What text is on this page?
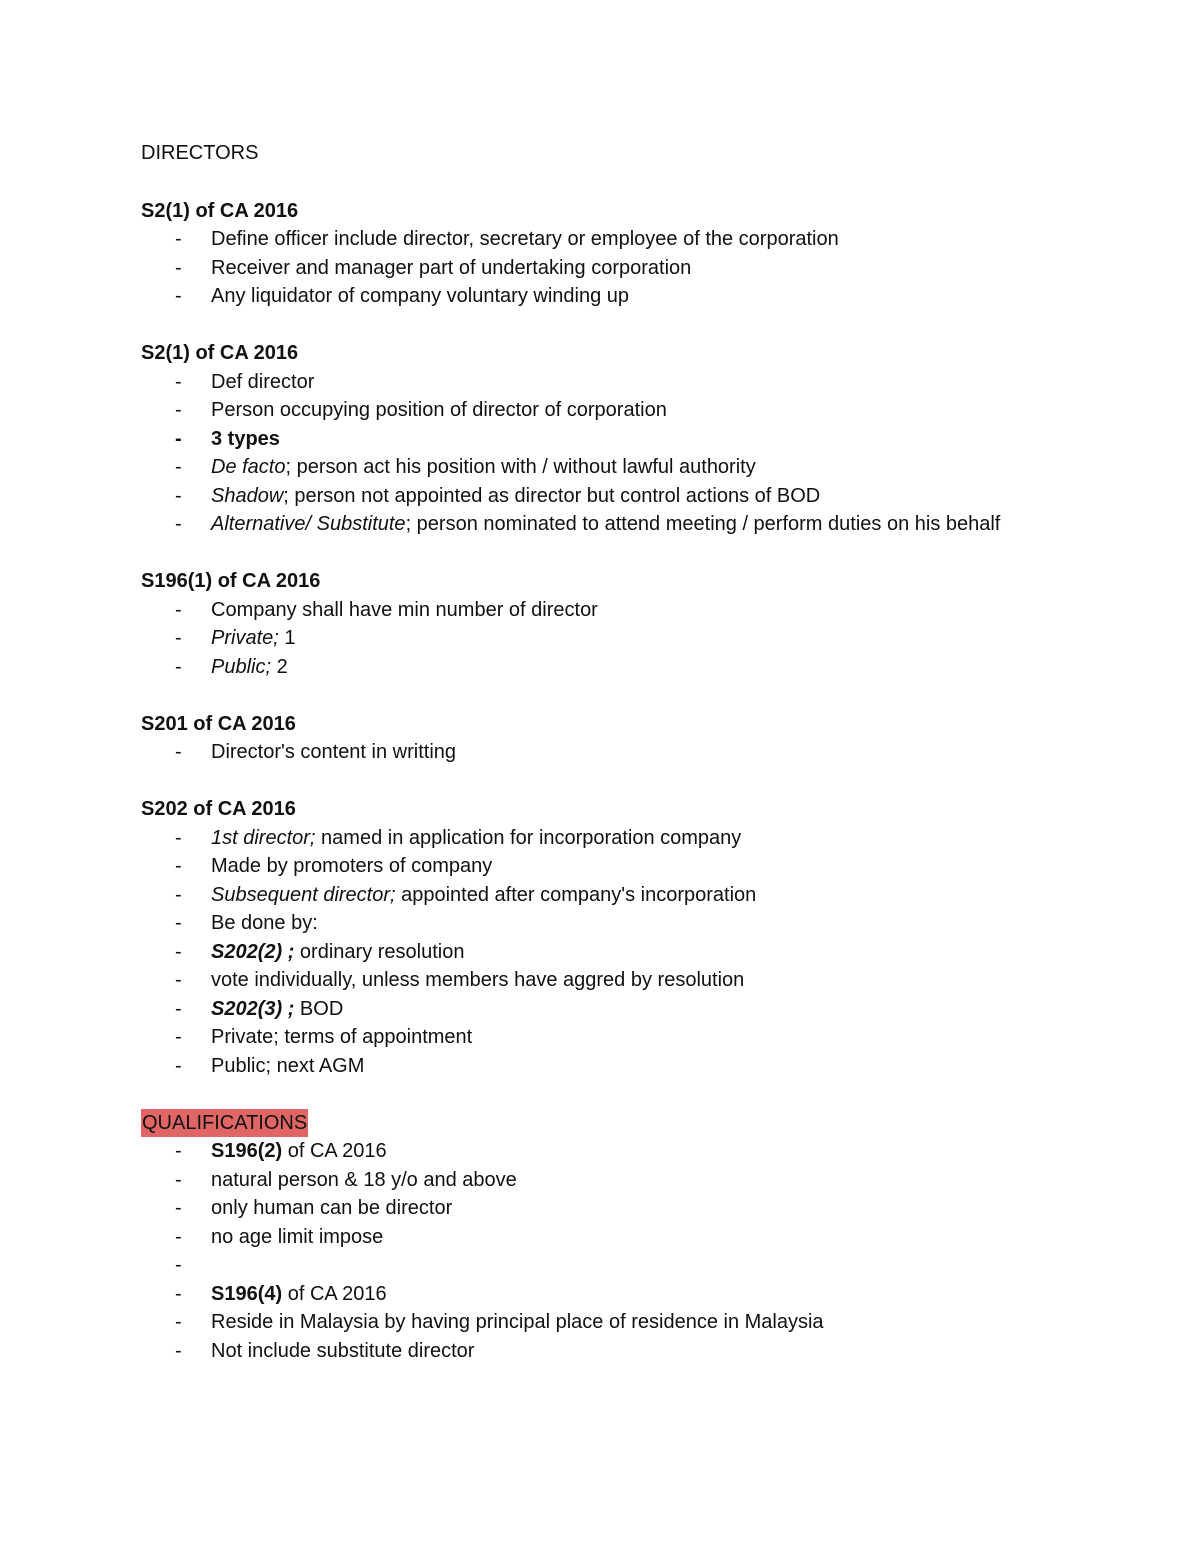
DIRECTORS
S2(1) of CA 2016
- Define officer include director, secretary or employee of the corporation
- Receiver and manager part of undertaking corporation
- Any liquidator of company voluntary winding up
S2(1) of CA 2016
- Def director
- Person occupying position of director of corporation
- 3 types
- De facto; person act his position with / without lawful authority
- Shadow; person not appointed as director but control actions of BOD
- Alternative/ Substitute; person nominated to attend meeting / perform duties on his behalf
S196(1) of CA 2016
- Company shall have min number of director
- Private; 1
- Public; 2
S201 of CA 2016
- Director's content in writting
S202 of CA 2016
- 1st director; named in application for incorporation company
- Made by promoters of company
- Subsequent director; appointed after company's incorporation
- Be done by:
- S202(2) ; ordinary resolution
- vote individually, unless members have aggred by resolution
- S202(3) ; BOD
- Private; terms of appointment
- Public; next AGM
QUALIFICATIONS
- S196(2) of CA 2016
- natural person & 18 y/o and above
- only human can be director
- no age limit impose
-
- S196(4) of CA 2016
- Reside in Malaysia by having principal place of residence in Malaysia
- Not include substitute director
